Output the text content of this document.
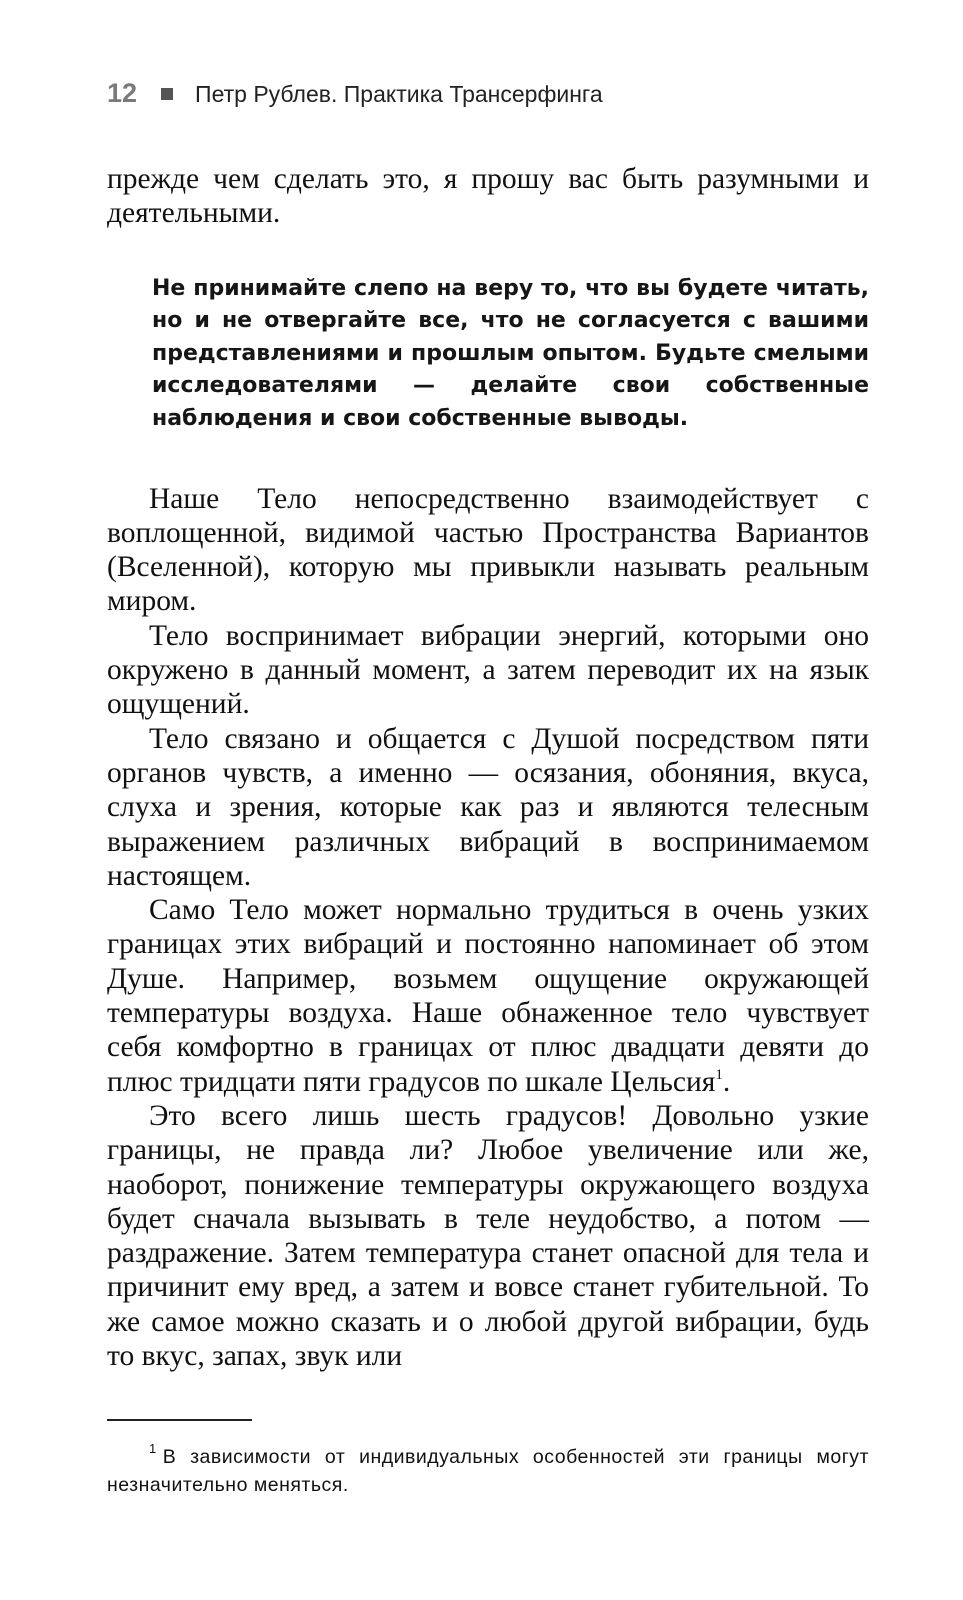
12	Петр Рублев. Практика Трансерфинга

прежде чем сделать это, я прошу вас быть разумными и деятельными.

Не принимайте слепо на веру то, что вы будете читать, но и не отвергайте все, что не согласуется с вашими представлениями и прошлым опытом. Будьте смелыми исследователями — делайте свои собственные наблюдения и свои собственные выводы.

Наше Тело непосредственно взаимодействует с воплощенной, видимой частью Пространства Вариантов (Вселенной), которую мы привыкли называть реальным миром.

Тело воспринимает вибрации энергий, которыми оно окружено в данный момент, а затем переводит их на язык ощущений.

Тело связано и общается с Душой посредством пяти органов чувств, а именно — осязания, обоняния, вкуса, слуха и зрения, которые как раз и являются телесным выражением различных вибраций в воспринимаемом настоящем.

Само Тело может нормально трудиться в очень узких границах этих вибраций и постоянно напоминает об этом Душе. Например, возьмем ощущение окружающей температуры воздуха. Наше обнаженное тело чувствует себя комфортно в границах от плюс двадцати девяти до плюс тридцати пяти градусов по шкале Цельсия$^1$.

Это всего лишь шесть градусов! Довольно узкие границы, не правда ли? Любое увеличение или же, наоборот, понижение температуры окружающего воздуха будет сначала вызывать в теле неудобство, а потом — раздражение. Затем температура станет опасной для тела и причинит ему вред, а затем и вовсе станет губительной. То же самое можно сказать и о любой другой вибрации, будь то вкус, запах, звук или

$^1$ В зависимости от индивидуальных особенностей эти границы могут незначительно меняться.
